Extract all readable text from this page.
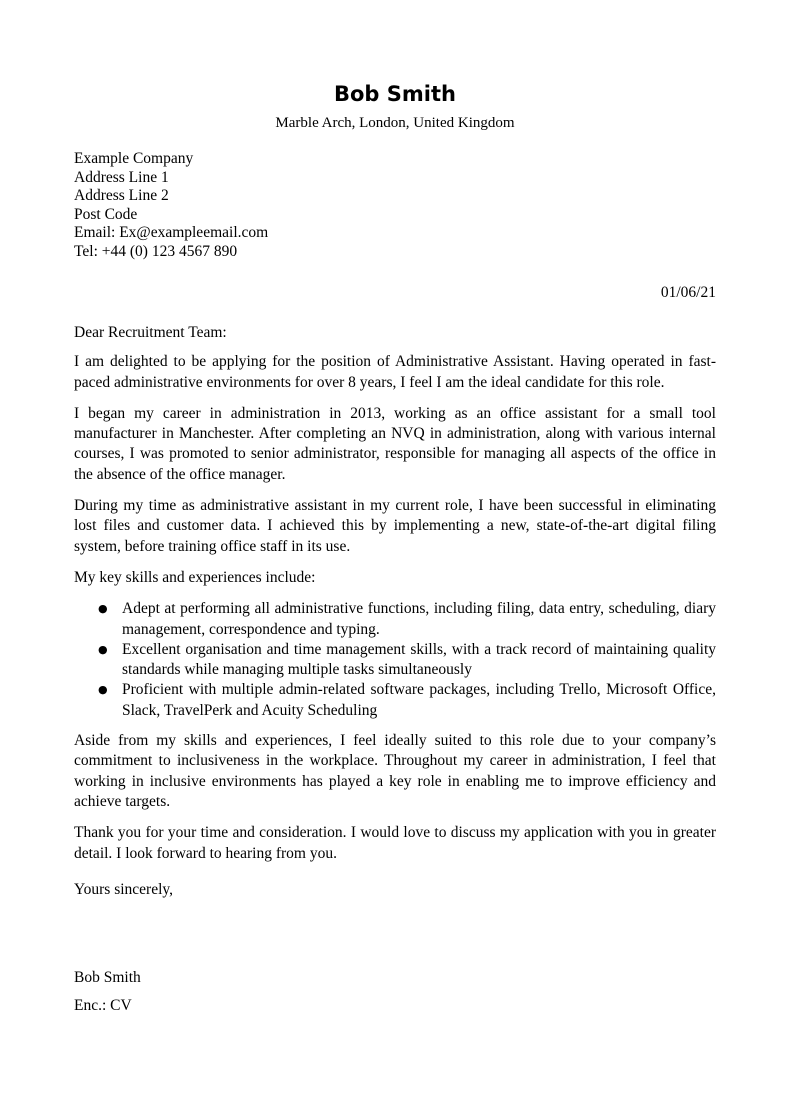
Bob Smith
Marble Arch, London, United Kingdom
Example Company
Address Line 1
Address Line 2
Post Code
Email: Ex@exampleemail.com
Tel: +44 (0) 123 4567 890
01/06/21

Dear Recruitment Team:

I am delighted to be applying for the position of Administrative Assistant. Having operated in fast-paced administrative environments for over 8 years, I feel I am the ideal candidate for this role.

I began my career in administration in 2013, working as an office assistant for a small tool manufacturer in Manchester. After completing an NVQ in administration, along with various internal courses, I was promoted to senior administrator, responsible for managing all aspects of the office in the absence of the office manager.

During my time as administrative assistant in my current role, I have been successful in eliminating lost files and customer data. I achieved this by implementing a new, state-of-the-art digital filing system, before training office staff in its use.

My key skills and experiences include:

● Adept at performing all administrative functions, including filing, data entry, scheduling, diary management, correspondence and typing.
● Excellent organisation and time management skills, with a track record of maintaining quality standards while managing multiple tasks simultaneously
● Proficient with multiple admin-related software packages, including Trello, Microsoft Office, Slack, TravelPerk and Acuity Scheduling

Aside from my skills and experiences, I feel ideally suited to this role due to your company’s commitment to inclusiveness in the workplace. Throughout my career in administration, I feel that working in inclusive environments has played a key role in enabling me to improve efficiency and achieve targets.

Thank you for your time and consideration. I would love to discuss my application with you in greater detail. I look forward to hearing from you.

Yours sincerely,
Bob Smith
Enc.: CV
